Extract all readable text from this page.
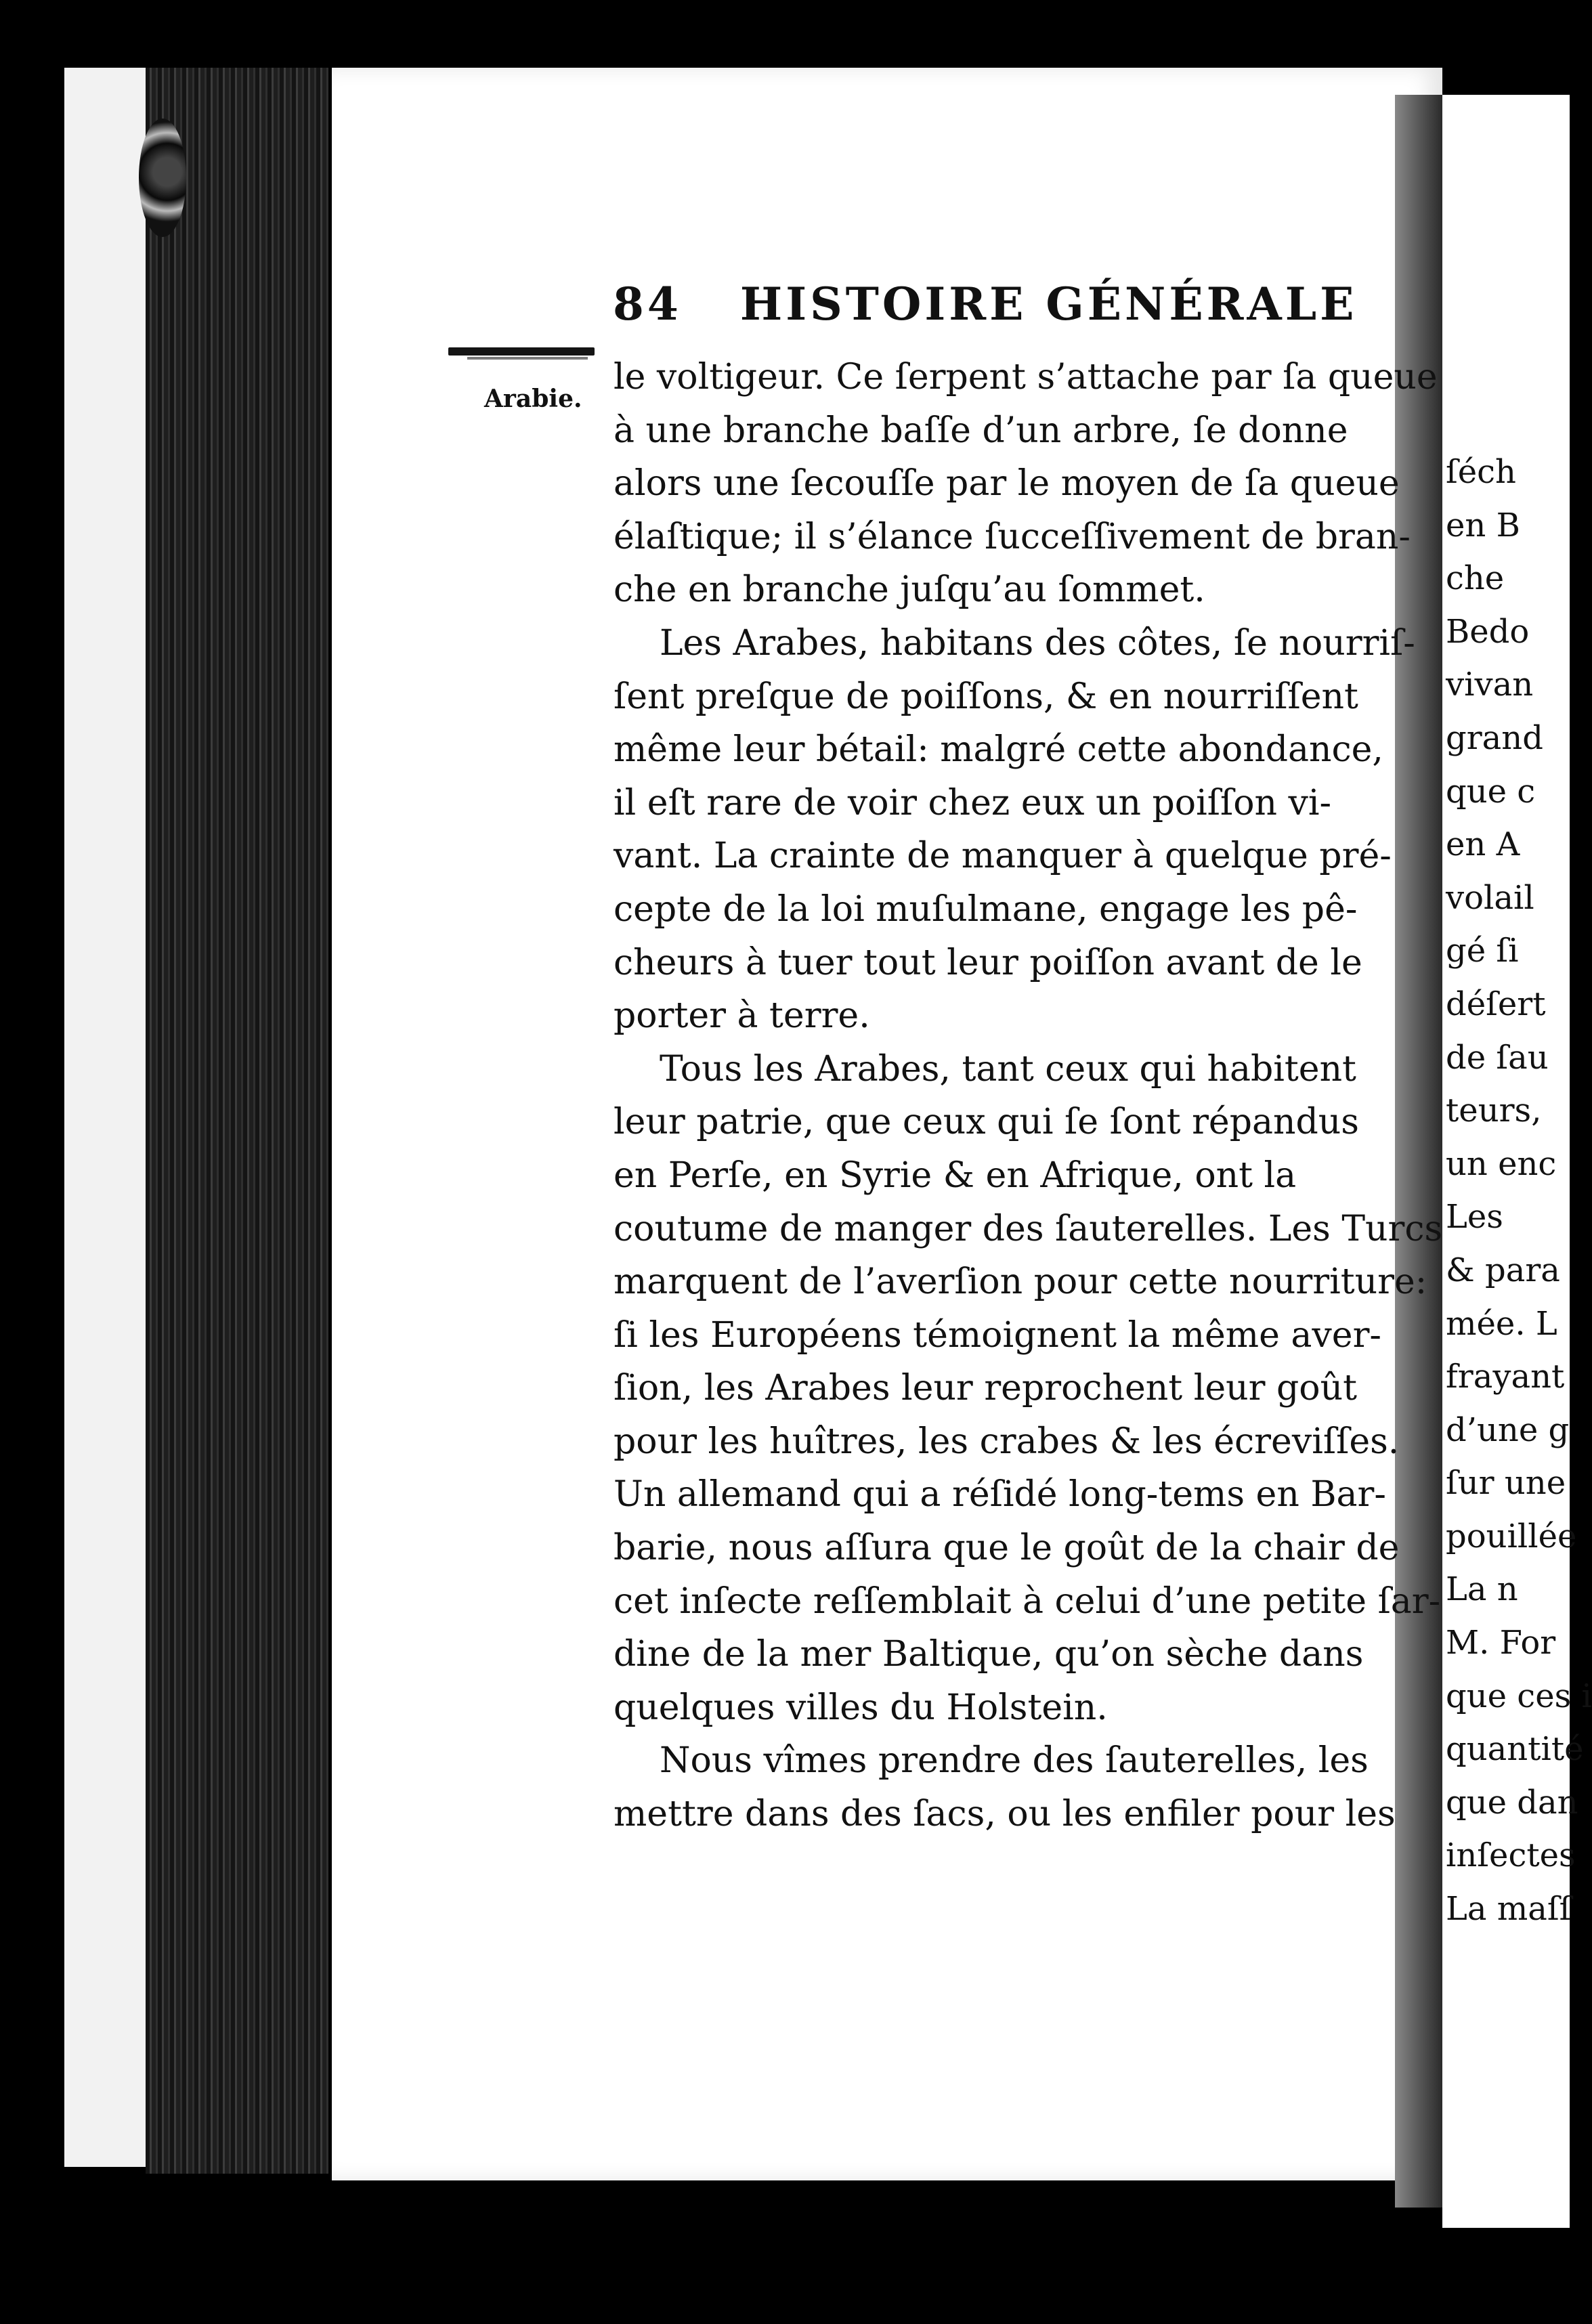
ſéch
en B
che
Bedo
vivan
grand
que c
en A
volail
gé ſi
déſert
de ſau
teurs,
un enc
Les
& para
mée. L
frayant
d’une g
ſur une
pouillée
La n
M. For
que ces i
quantité
que dan
inſectes
La maſſ
84 HISTOIRE GÉNÉRALE
Arabie.
le voltigeur. Ce ſerpent s’attache par ſa queue
à une branche baſſe d’un arbre, ſe donne
alors une ſecouſſe par le moyen de ſa queue
élaſtique; il s’élance ſucceſſivement de bran-
che en branche juſqu’au ſommet.
Les Arabes, habitans des côtes, ſe nourriſ-
ſent preſque de poiſſons, & en nourriſſent
même leur bétail: malgré cette abondance,
il eſt rare de voir chez eux un poiſſon vi-
vant. La crainte de manquer à quelque pré-
cepte de la loi muſulmane, engage les pê-
cheurs à tuer tout leur poiſſon avant de le
porter à terre.
Tous les Arabes, tant ceux qui habitent
leur patrie, que ceux qui ſe ſont répandus
en Perſe, en Syrie & en Afrique, ont la
coutume de manger des ſauterelles. Les Turcs
marquent de l’averſion pour cette nourriture:
ſi les Européens témoignent la même aver-
ſion, les Arabes leur reprochent leur goût
pour les huîtres, les crabes & les écreviſſes.
Un allemand qui a réſidé long-tems en Bar-
barie, nous aſſura que le goût de la chair de
cet inſecte reſſemblait à celui d’une petite ſar-
dine de la mer Baltique, qu’on sèche dans
quelques villes du Holstein.
Nous vîmes prendre des ſauterelles, les
mettre dans des ſacs, ou les enfiler pour les
